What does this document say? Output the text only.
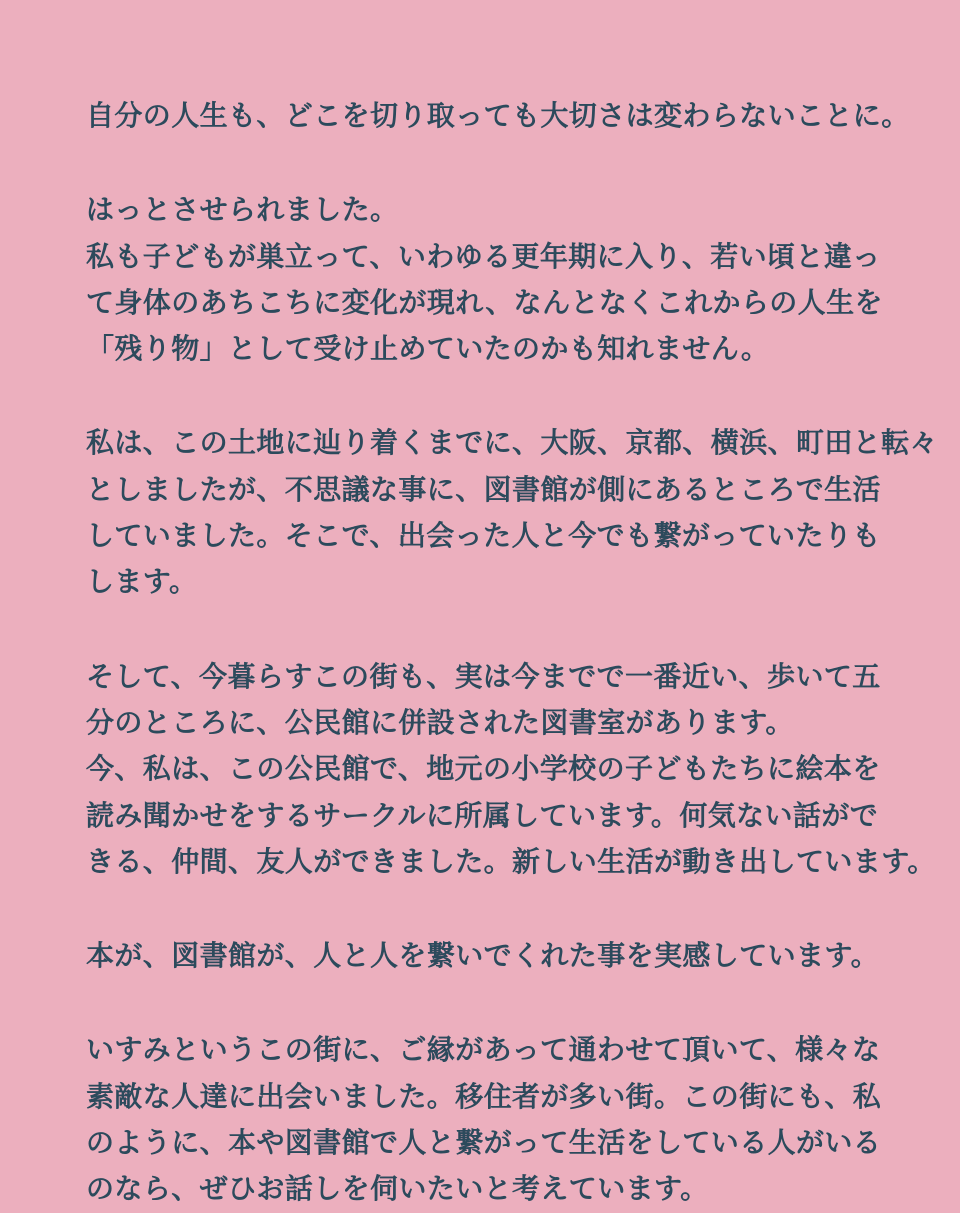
自分の人生も、どこを切り取っても大切さは変わらないことに。
はっとさせられました。
私も子どもが巣立って、いわゆる更年期に入り、若い頃と違っ
て身体のあちこちに変化が現れ、なんとなくこれからの人生を
「残り物」として受け止めていたのかも知れません。
私は、この土地に辿り着くまでに、大阪、京都、横浜、町田と転々
としましたが、不思議な事に、図書館が側にあるところで生活
していました。そこで、出会った人と今でも繋がっていたりも
します。
そして、今暮らすこの街も、実は今までで一番近い、歩いて五
分のところに、公民館に併設された図書室があります。
今、私は、この公民館で、地元の小学校の子どもたちに絵本を
読み聞かせをするサークルに所属しています。何気ない話がで
きる、仲間、友人ができました。新しい生活が動き出しています。
本が、図書館が、人と人を繋いでくれた事を実感しています。
いすみというこの街に、ご縁があって通わせて頂いて、様々な
素敵な人達に出会いました。移住者が多い街。この街にも、私
のように、本や図書館で人と繋がって生活をしている人がいる
のなら、ぜひお話しを伺いたいと考えています。
